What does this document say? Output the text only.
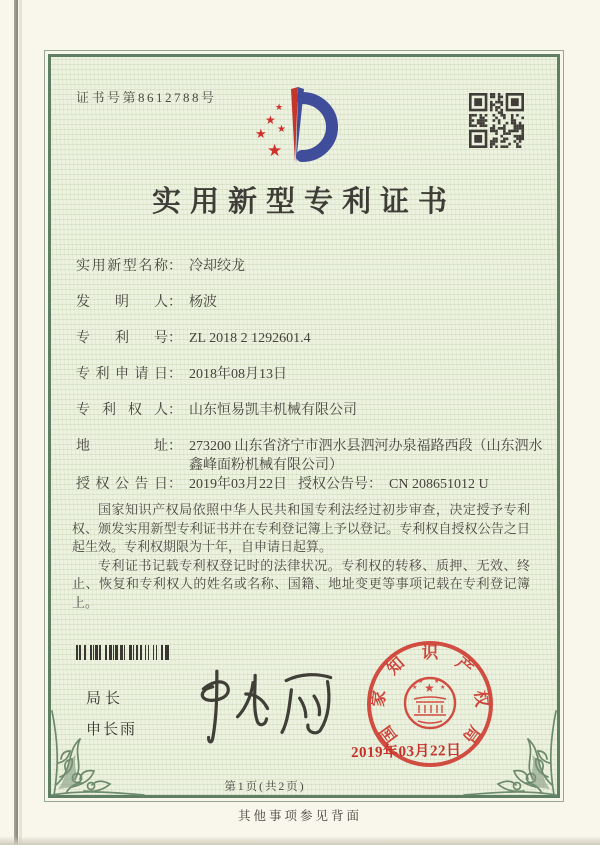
证书号第8612788号
★
★
★
★
★
实用新型专利证书
实用新型名称 ： 冷却绞龙
发明人 ： 杨波
专利号 ： ZL 2018 2 1292601.4
专利申请日 ： 2018年08月13日
专利权人 ： 山东恒易凯丰机械有限公司
地址 ： 273200 山东省济宁市泗水县泗河办泉福路西段（山东泗水鑫峰面粉机械有限公司）
授权公告日 ： 2019年03月22日 授权公告号 ： CN 208651012 U

国家知识产权局依照中华人民共和国专利法经过初步审查，决定授予专利权、颁发实用新型专利证书并在专利登记簿上予以登记。专利权自授权公告之日起生效。专利权期限为十年，自申请日起算。

专利证书记载专利权登记时的法律状况。专利权的转移、质押、无效、终止、恢复和专利权人的姓名或名称、国籍、地址变更等事项记载在专利登记簿上。

局长
申长雨	国
家
知
识
产
权
局
★
★
★ ★
★
2019年03月22日
第1页(共2页)
其他事项参见背面
